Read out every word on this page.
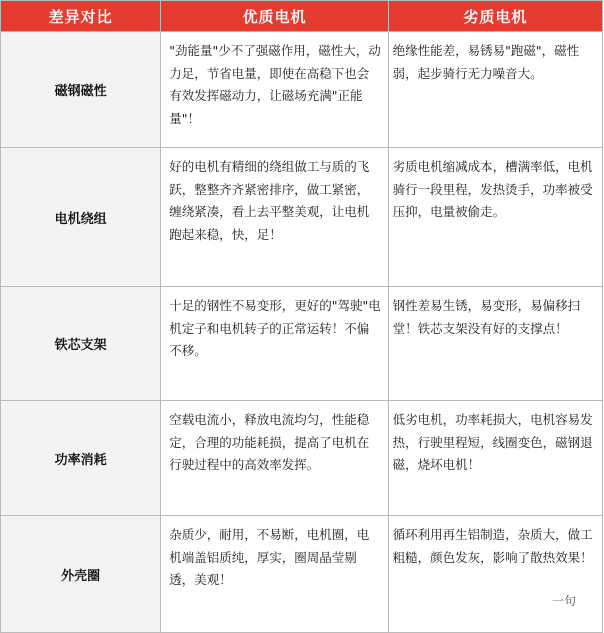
差异对比	优质电机	劣质电机
磁钢磁性	"劲能量"少不了强磁作用，磁性大，动力足，节省电量，即使在高稳下也会有效发挥磁动力，让磁场充满"正能量"！	绝缘性能差，易锈易"跑磁"，磁性弱，起步骑行无力噪音大。

电机绕组	好的电机有精细的绕组做工与质的飞跃，整整齐齐紧密排序，做工紧密，缠绕紧凑，看上去平整美观，让电机跑起来稳，快，足！	劣质电机缩减成本，槽满率低，电机骑行一段里程，发热烫手，功率被受压抑，电量被偷走。

铁芯支架	十足的钢性不易变形，更好的"驾驶"电机定子和电机转子的正常运转！不偏不移。	钢性差易生锈，易变形，易偏移扫堂！铁芯支架没有好的支撑点！

功率消耗	空载电流小，释放电流均匀，性能稳定，合理的功能耗损，提高了电机在行驶过程中的高效率发挥。	低劣电机，功率耗损大，电机容易发热，行驶里程短，线圈变色，磁钢退磁，烧坏电机！

外壳圈	杂质少，耐用，不易断，电机圈，电机端盖铝质纯，厚实，圈周晶莹剔透，美观！	循环利用再生铝制造，杂质大，做工粗糙，颜色发灰，影响了散热效果！
一句
